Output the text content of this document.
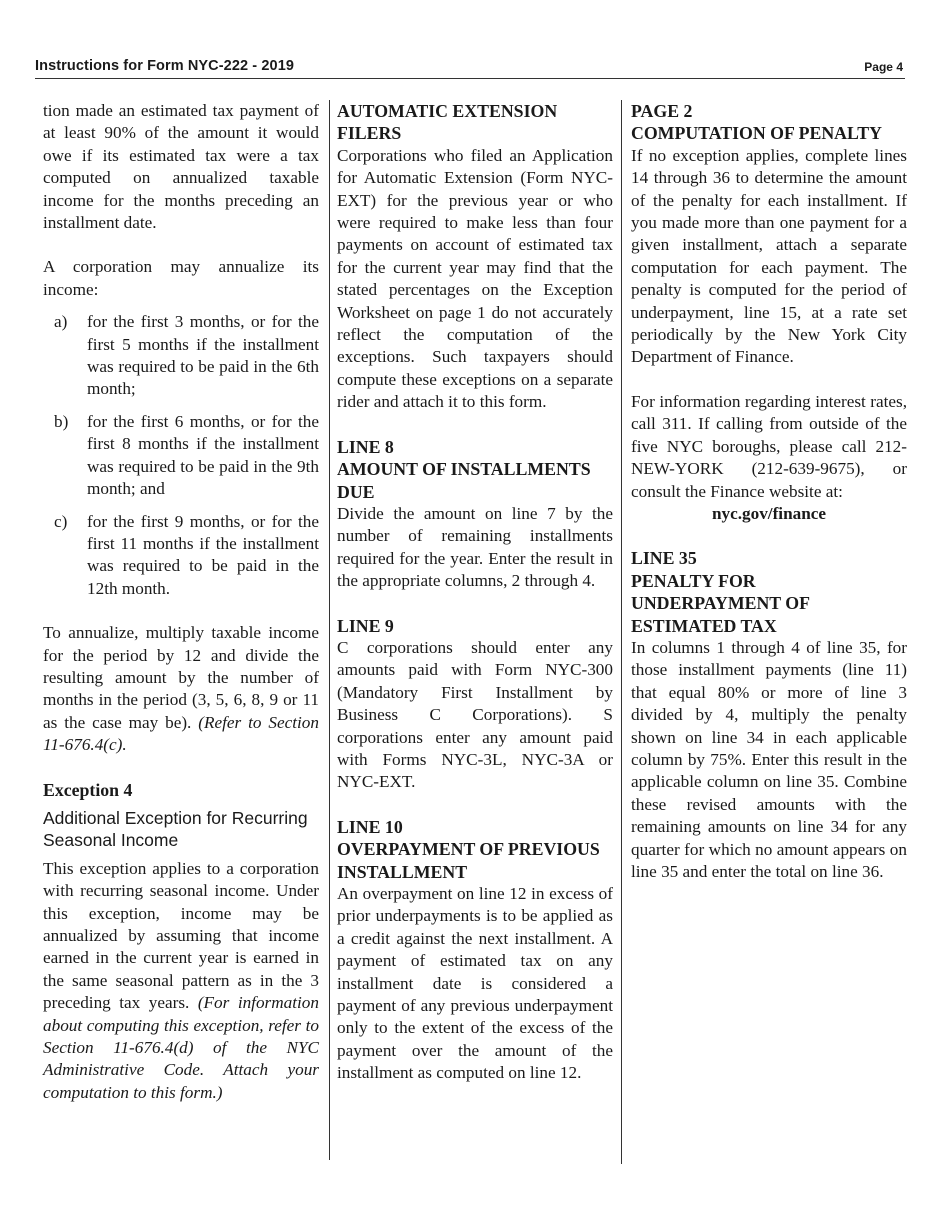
Instructions for Form NYC-222 - 2019	Page 4

tion made an estimated tax payment of at least 90% of the amount it would owe if its estimated tax were a tax computed on annualized taxable income for the months preceding an installment date.

A corporation may annualize its income:

a) for the first 3 months, or for the first 5 months if the installment was required to be paid in the 6th month;
b) for the first 6 months, or for the first 8 months if the installment was required to be paid in the 9th month; and
c) for the first 9 months, or for the first 11 months if the installment was required to be paid in the 12th month.

To annualize, multiply taxable income for the period by 12 and divide the resulting amount by the number of months in the period (3, 5, 6, 8, 9 or 11 as the case may be). (Refer to Section 11-676.4(c).

Exception 4

Additional Exception for Recurring Seasonal Income

This exception applies to a corporation with recurring seasonal income. Under this exception, income may be annualized by assuming that income earned in the current year is earned in the same seasonal pattern as in the 3 preceding tax years. (For information about computing this exception, refer to Section 11-676.4(d) of the NYC Administrative Code. Attach your computation to this form.)

AUTOMATIC EXTENSION FILERS

Corporations who filed an Application for Automatic Extension (Form NYC-EXT) for the previous year or who were required to make less than four payments on account of estimated tax for the current year may find that the stated percentages on the Exception Worksheet on page 1 do not accurately reflect the computation of the exceptions. Such taxpayers should compute these exceptions on a separate rider and attach it to this form.

LINE 8

AMOUNT OF INSTALLMENTS DUE

Divide the amount on line 7 by the number of remaining installments required for the year. Enter the result in the appropriate columns, 2 through 4.

LINE 9

C corporations should enter any amounts paid with Form NYC-300 (Mandatory First Installment by Business C Corporations). S corporations enter any amount paid with Forms NYC-3L, NYC-3A or NYC-EXT.

LINE 10

OVERPAYMENT OF PREVIOUS INSTALLMENT

An overpayment on line 12 in excess of prior underpayments is to be applied as a credit against the next installment. A payment of estimated tax on any installment date is considered a payment of any previous underpayment only to the extent of the excess of the payment over the amount of the installment as computed on line 12.

PAGE 2

COMPUTATION OF PENALTY

If no exception applies, complete lines 14 through 36 to determine the amount of the penalty for each installment. If you made more than one payment for a given installment, attach a separate computation for each payment. The penalty is computed for the period of underpayment, line 15, at a rate set periodically by the New York City Department of Finance.

For information regarding interest rates, call 311. If calling from outside of the five NYC boroughs, please call 212-NEW-YORK (212-639-9675), or consult the Finance website at:

nyc.gov/finance

LINE 35

PENALTY FOR UNDERPAYMENT OF ESTIMATED TAX

In columns 1 through 4 of line 35, for those installment payments (line 11) that equal 80% or more of line 3 divided by 4, multiply the penalty shown on line 34 in each applicable column by 75%. Enter this result in the applicable column on line 35. Combine these revised amounts with the remaining amounts on line 34 for any quarter for which no amount appears on line 35 and enter the total on line 36.
